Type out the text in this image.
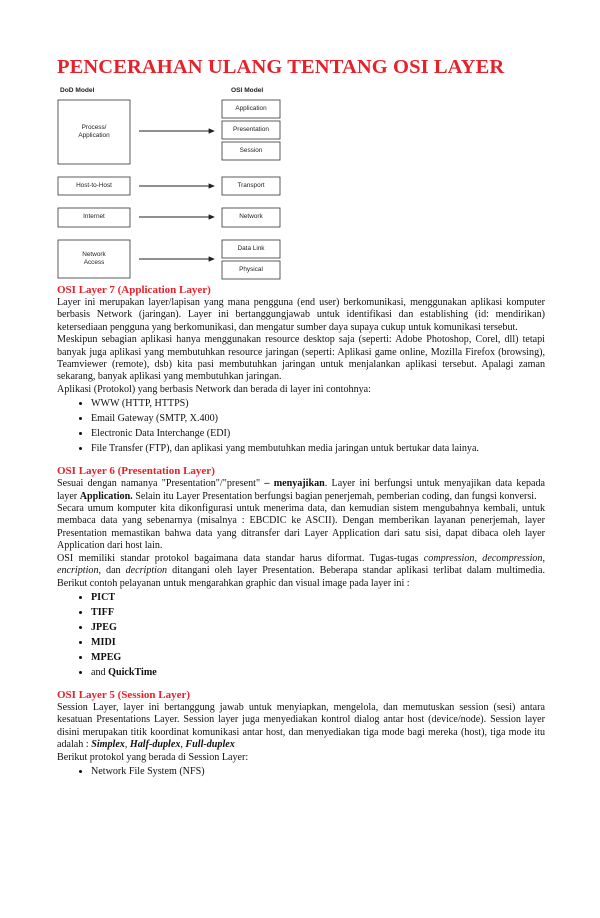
PENCERAHAN ULANG TENTANG OSI LAYER
DoD Model	OSI Model
Process/
Application
Host-to-Host
Internet
Network
Access
Application
Presentation
Session
Transport
Network
Data Link
Physical
OSI Layer 7 (Application Layer)

Layer ini merupakan layer/lapisan yang mana pengguna (end user) berkomunikasi, menggunakan aplikasi komputer berbasis Network (jaringan). Layer ini bertanggungjawab untuk identifikasi dan establishing (id: mendirikan) ketersediaan pengguna yang berkomunikasi, dan mengatur sumber daya supaya cukup untuk komunikasi tersebut.

Meskipun sebagian aplikasi hanya menggunakan resource desktop saja (seperti: Adobe Photoshop, Corel, dll) tetapi banyak juga aplikasi yang membutuhkan resource jaringan (seperti: Aplikasi game online, Mozilla Firefox (browsing), Teamviewer (remote), dsb) kita pasi membutuhkan jaringan untuk menjalankan aplikasi tersebut. Apalagi zaman sekarang, banyak aplikasi yang membutuhkan jaringan.

Aplikasi (Protokol) yang berbasis Network dan berada di layer ini contohnya:

• WWW (HTTP, HTTPS)
• Email Gateway (SMTP, X.400)
• Electronic Data Interchange (EDI)
• File Transfer (FTP), dan aplikasi yang membutuhkan media jaringan untuk bertukar data lainya.
OSI Layer 6 (Presentation Layer)

Sesuai dengan namanya "Presentation"/"present" – menyajikan. Layer ini berfungsi untuk menyajikan data kepada layer Application. Selain itu Layer Presentation berfungsi bagian penerjemah, pemberian coding, dan fungsi konversi.

Secara umum komputer kita dikonfigurasi untuk menerima data, dan kemudian sistem mengubahnya kembali, untuk membaca data yang sebenarnya (misalnya : EBCDIC ke ASCII). Dengan memberikan layanan penerjemah, layer Presentation memastikan bahwa data yang ditransfer dari Layer Application dari satu sisi, dapat dibaca oleh layer Application dari host lain.

OSI memiliki standar protokol bagaimana data standar harus diformat. Tugas-tugas compression, decompression, encription, dan decription ditangani oleh layer Presentation. Beberapa standar aplikasi terlibat dalam multimedia. Berikut contoh pelayanan untuk mengarahkan graphic dan visual image pada layer ini :

• PICT
• TIFF
• JPEG
• MIDI
• MPEG
• and QuickTime
OSI Layer 5 (Session Layer)

Session Layer, layer ini bertanggung jawab untuk menyiapkan, mengelola, dan memutuskan session (sesi) antara kesatuan Presentations Layer. Session layer juga menyediakan kontrol dialog antar host (device/node). Session layer disini merupakan titik koordinat komunikasi antar host, dan menyediakan tiga mode bagi mereka (host), tiga mode itu adalah : Simplex, Half-duplex, Full-duplex

Berikut protokol yang berada di Session Layer:

• Network File System (NFS)
